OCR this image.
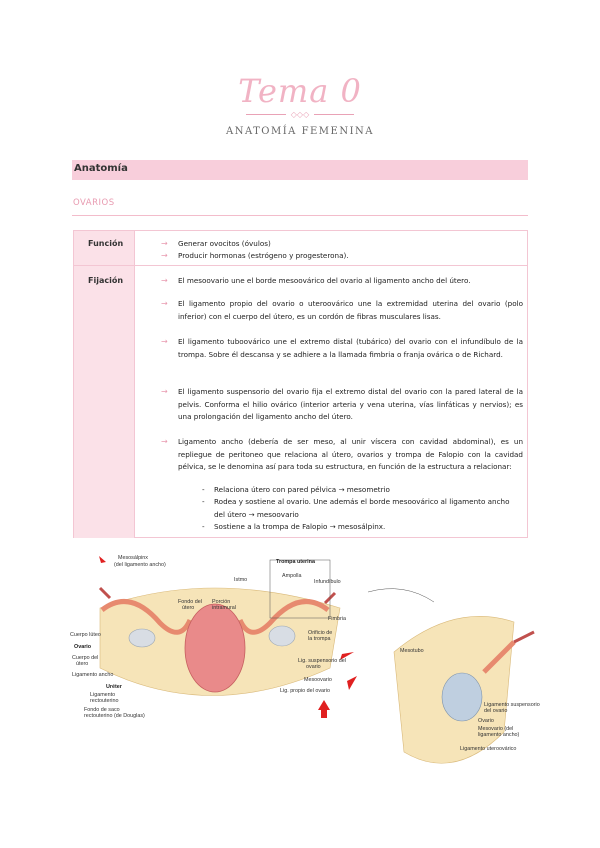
Tema 0
◇◇◇
ANATOMÍA FEMENINA
Anatomía
OVARIOS
Función
Fijación
→ Generar ovocitos (óvulos)
→ Producir hormonas (estrógeno y progesterona).
→ El mesoovario une el borde mesoovárico del ovario al ligamento ancho del útero.
→ El ligamento propio del ovario o uteroovárico une la extremidad uterina del ovario (polo inferior) con el cuerpo del útero, es un cordón de fibras musculares lisas.
→ El ligamento tuboovárico une el extremo distal (tubárico) del ovario con el infundíbulo de la trompa. Sobre él descansa y se adhiere a la llamada fimbria o franja ovárica o de Richard.
→ El ligamento suspensorio del ovario fija el extremo distal del ovario con la pared lateral de la pelvis. Conforma el hilio ovárico (interior arteria y vena uterina, vías linfáticas y nervios); es una prolongación del ligamento ancho del útero.
→ Ligamento ancho (debería de ser meso, al unir víscera con cavidad abdominal), es un repliegue de peritoneo que relaciona al útero, ovarios y trompa de Falopio con la cavidad pélvica, se le denomina así para toda su estructura, en función de la estructura a relacionar:
- Relaciona útero con pared pélvica → mesometrio
- Rodea y sostiene al ovario. Une además el borde mesoovárico al ligamento ancho del útero → mesoovario
- Sostiene a la trompa de Falopio → mesosálpinx.
Mesosálpinx
(del ligamento ancho)	Trompa uterina
Istmo
Ampolla
Infundíbulo
Fondo del
útero
Porción
intramural
Fimbria
Orificio de
la trompa
Cuerpo lúteo
Ovario
Cuerpo del
útero
Ligamento ancho
Lig. suspensorio del
ovario
Mesoovario
Lig. propio del ovario
Uréter
Ligamento
rectouterino
Fondo de saco
rectouterino (de Douglas)
Mesotubo
Ligamento suspensorio
del ovario
Ovario
Mesovario (del
ligamento ancho)
Ligamento uteroovárico
